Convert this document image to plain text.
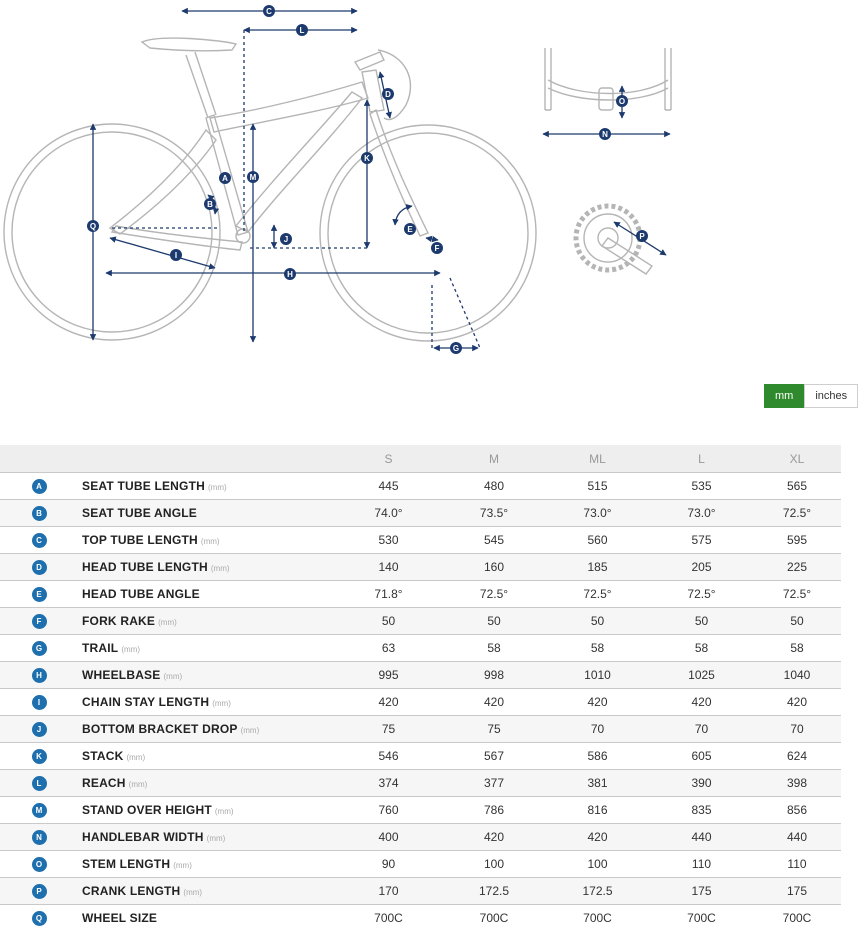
C
L
D
K
M
A
B
Q	E
J
F
I
H
G
O
N
P
mm	inches
		S	M	ML	L	XL
A	SEAT TUBE LENGTH (mm)	445	480	515	535	565
B	SEAT TUBE ANGLE	74.0°	73.5°	73.0°	73.0°	72.5°
C	TOP TUBE LENGTH (mm)	530	545	560	575	595
D	HEAD TUBE LENGTH (mm)	140	160	185	205	225
E	HEAD TUBE ANGLE	71.8°	72.5°	72.5°	72.5°	72.5°
F	FORK RAKE (mm)	50	50	50	50	50
G	TRAIL (mm)	63	58	58	58	58
H	WHEELBASE (mm)	995	998	1010	1025	1040
I	CHAIN STAY LENGTH (mm)	420	420	420	420	420
J	BOTTOM BRACKET DROP (mm)	75	75	70	70	70
K	STACK (mm)	546	567	586	605	624
L	REACH (mm)	374	377	381	390	398
M	STAND OVER HEIGHT (mm)	760	786	816	835	856
N	HANDLEBAR WIDTH (mm)	400	420	420	440	440
O	STEM LENGTH (mm)	90	100	100	110	110
P	CRANK LENGTH (mm)	170	172.5	172.5	175	175
Q	WHEEL SIZE	700C	700C	700C	700C	700C
